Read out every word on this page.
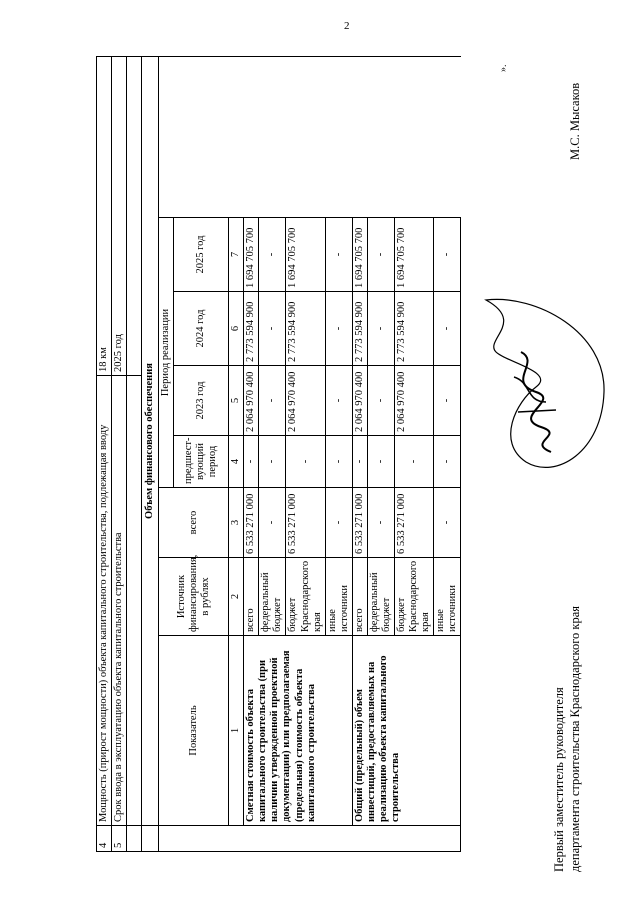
2
4	Мощность (прирост мощности) объекта капитального строительства, подлежащая вводу	18 км
5	Срок ввода в эксплуатацию объекта капитального строительства	2025 год

	Объем финансового обеспечения							
	Показатель	Источник финансирования, в рублях	всего	Период реализации				
				предшест-вующий период	2023 год	2024 год	2025 год	
	1	2	3	4	5	6	7	
	Сметная стоимость объекта капитального строительства (при наличии утвержденной проектной документации) или предполагаемая (предельная) стоимость объекта капитального строительства	всего	6 533 271 000	-	2 064 970 400	2 773 594 900	1 694 705 700	
		федеральный бюджет	-	-	-	-	-	
		бюджет Краснодарского края	6 533 271 000	-	2 064 970 400	2 773 594 900	1 694 705 700	
		иные источники	-	-	-	-	-	
	Общий (предельный) объем инвестиций, предоставляемых на реализацию объекта капитального строительства	всего	6 533 271 000	-	2 064 970 400	2 773 594 900	1 694 705 700	
		федеральный бюджет	-	-	-	-	-	
		бюджет Краснодарского края	6 533 271 000	-	2 064 970 400	2 773 594 900	1 694 705 700	
		иные источники	-	-	-	-	-	
».
Первый заместитель руководителя департамента строительства Краснодарского края
М.С. Мысаков
